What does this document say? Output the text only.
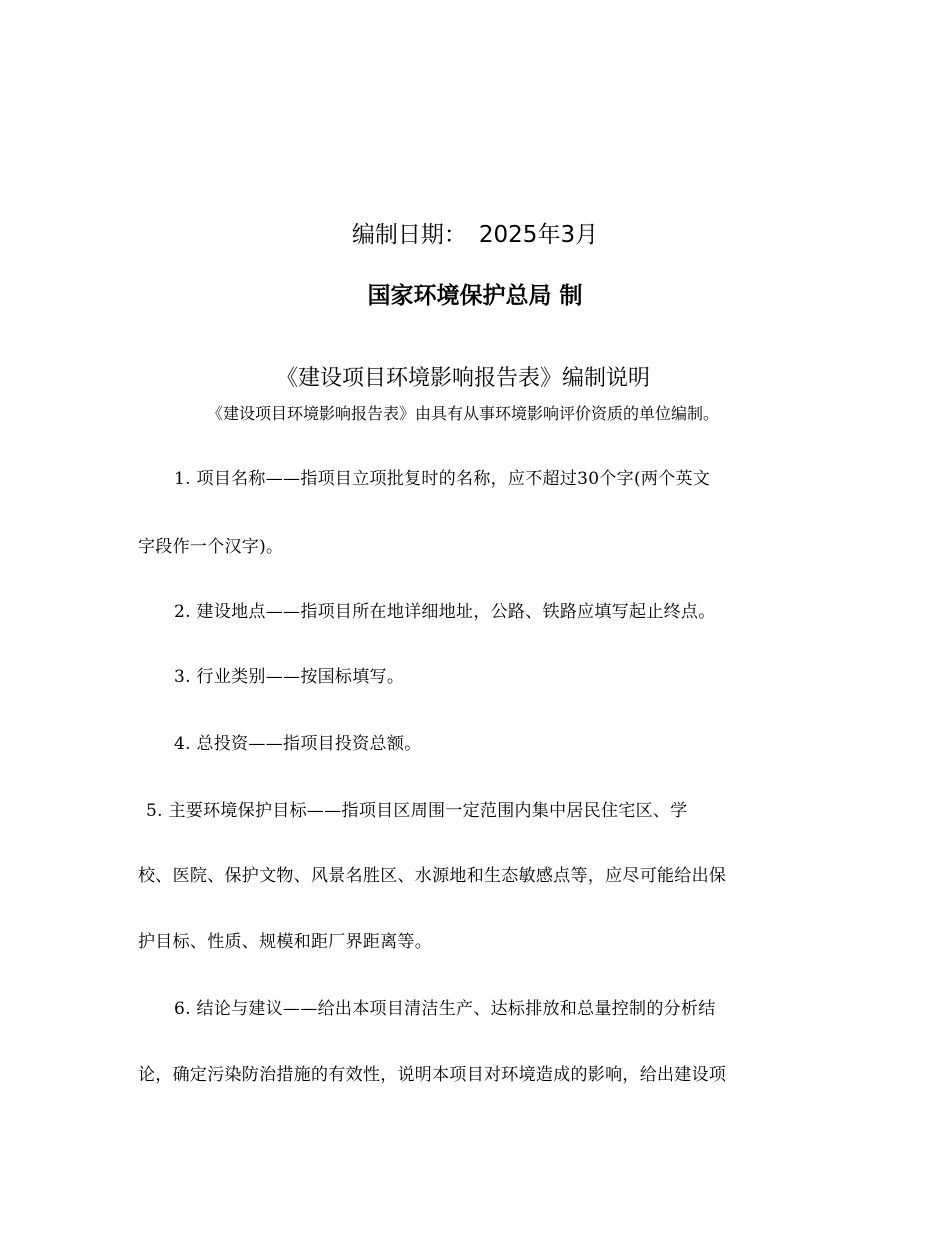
编制日期： 2025年3月
国家环境保护总局 制
《建设项目环境影响报告表》编制说明
《建设项目环境影响报告表》由具有从事环境影响评价资质的单位编制。
1. 项目名称——指项目立项批复时的名称，应不超过30个字(两个英文
字段作一个汉字)。
2. 建设地点——指项目所在地详细地址，公路、铁路应填写起止终点。
3. 行业类别——按国标填写。
4. 总投资——指项目投资总额。
5. 主要环境保护目标——指项目区周围一定范围内集中居民住宅区、学
校、医院、保护文物、风景名胜区、水源地和生态敏感点等，应尽可能给出保
护目标、性质、规模和距厂界距离等。
6. 结论与建议——给出本项目清洁生产、达标排放和总量控制的分析结
论，确定污染防治措施的有效性，说明本项目对环境造成的影响，给出建设项
